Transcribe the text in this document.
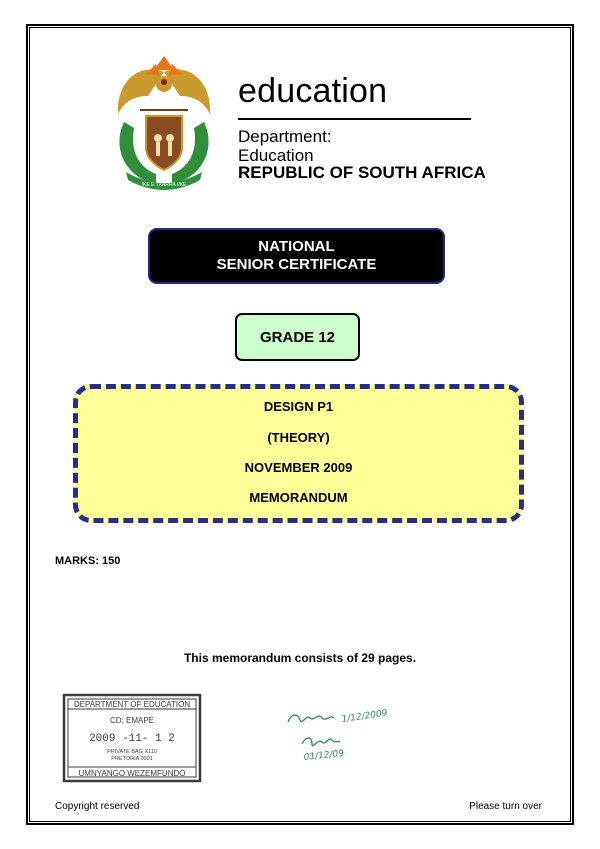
!KE E: /XARRA //KE
education
Department:
Education
REPUBLIC OF SOUTH AFRICA
NATIONAL
SENIOR CERTIFICATE
GRADE 12
DESIGN P1
(THEORY)
NOVEMBER 2009
MEMORANDUM
MARKS: 150
This memorandum consists of 29 pages.
DEPARTMENT OF EDUCATION
CD: EMAPE
2009 -11- 1 2
PRIVATE BAG X110
PRETORIA 0001
UMNYANGO WEZEMFUNDO
1/12/2009
01/12/09
Copyright reserved	Please turn over
